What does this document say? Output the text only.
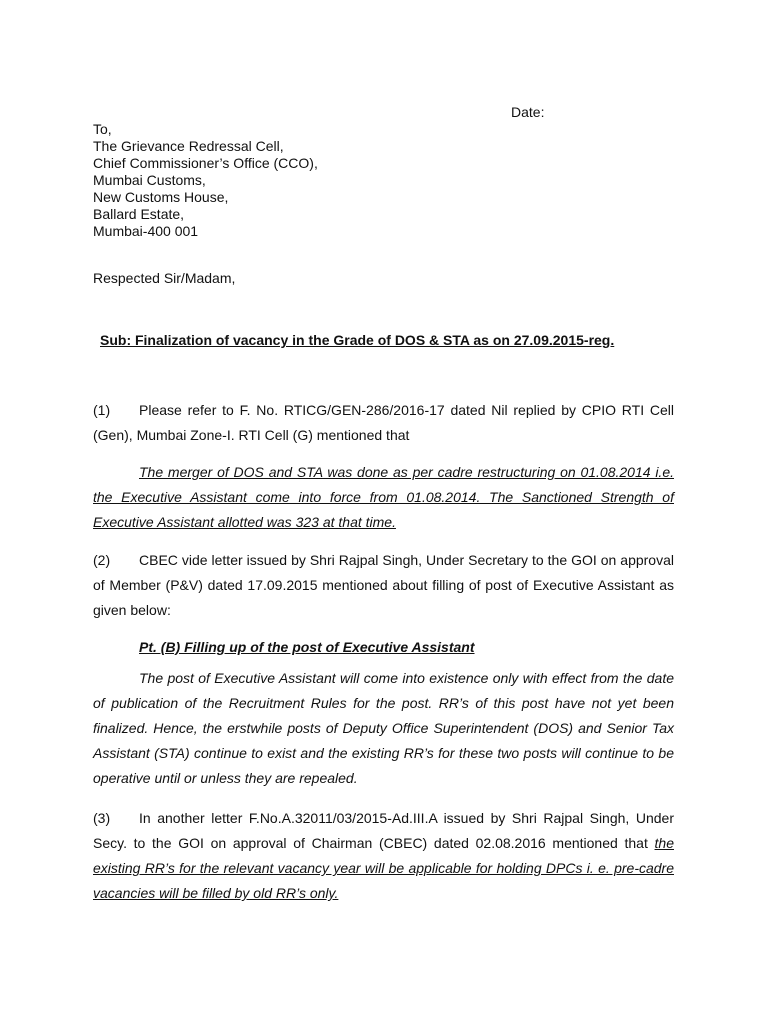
Date:
To,
The Grievance Redressal Cell,
Chief Commissioner’s Office (CCO),
Mumbai Customs,
New Customs House,
Ballard Estate,
Mumbai-400 001
Respected Sir/Madam,
Sub: Finalization of vacancy in the Grade of DOS & STA as on 27.09.2015-reg.
(1) Please refer to F. No. RTICG/GEN-286/2016-17 dated Nil replied by CPIO RTI Cell (Gen), Mumbai Zone-I. RTI Cell (G) mentioned that
The merger of DOS and STA was done as per cadre restructuring on 01.08.2014 i.e. the Executive Assistant come into force from 01.08.2014. The Sanctioned Strength of Executive Assistant allotted was 323 at that time.
(2) CBEC vide letter issued by Shri Rajpal Singh, Under Secretary to the GOI on approval of Member (P&V) dated 17.09.2015 mentioned about filling of post of Executive Assistant as given below:
Pt. (B) Filling up of the post of Executive Assistant
The post of Executive Assistant will come into existence only with effect from the date of publication of the Recruitment Rules for the post. RR’s of this post have not yet been finalized. Hence, the erstwhile posts of Deputy Office Superintendent (DOS) and Senior Tax Assistant (STA) continue to exist and the existing RR’s for these two posts will continue to be operative until or unless they are repealed.
(3) In another letter F.No.A.32011/03/2015-Ad.III.A issued by Shri Rajpal Singh, Under Secy. to the GOI on approval of Chairman (CBEC) dated 02.08.2016 mentioned that the existing RR’s for the relevant vacancy year will be applicable for holding DPCs i. e. pre-cadre vacancies will be filled by old RR’s only.
